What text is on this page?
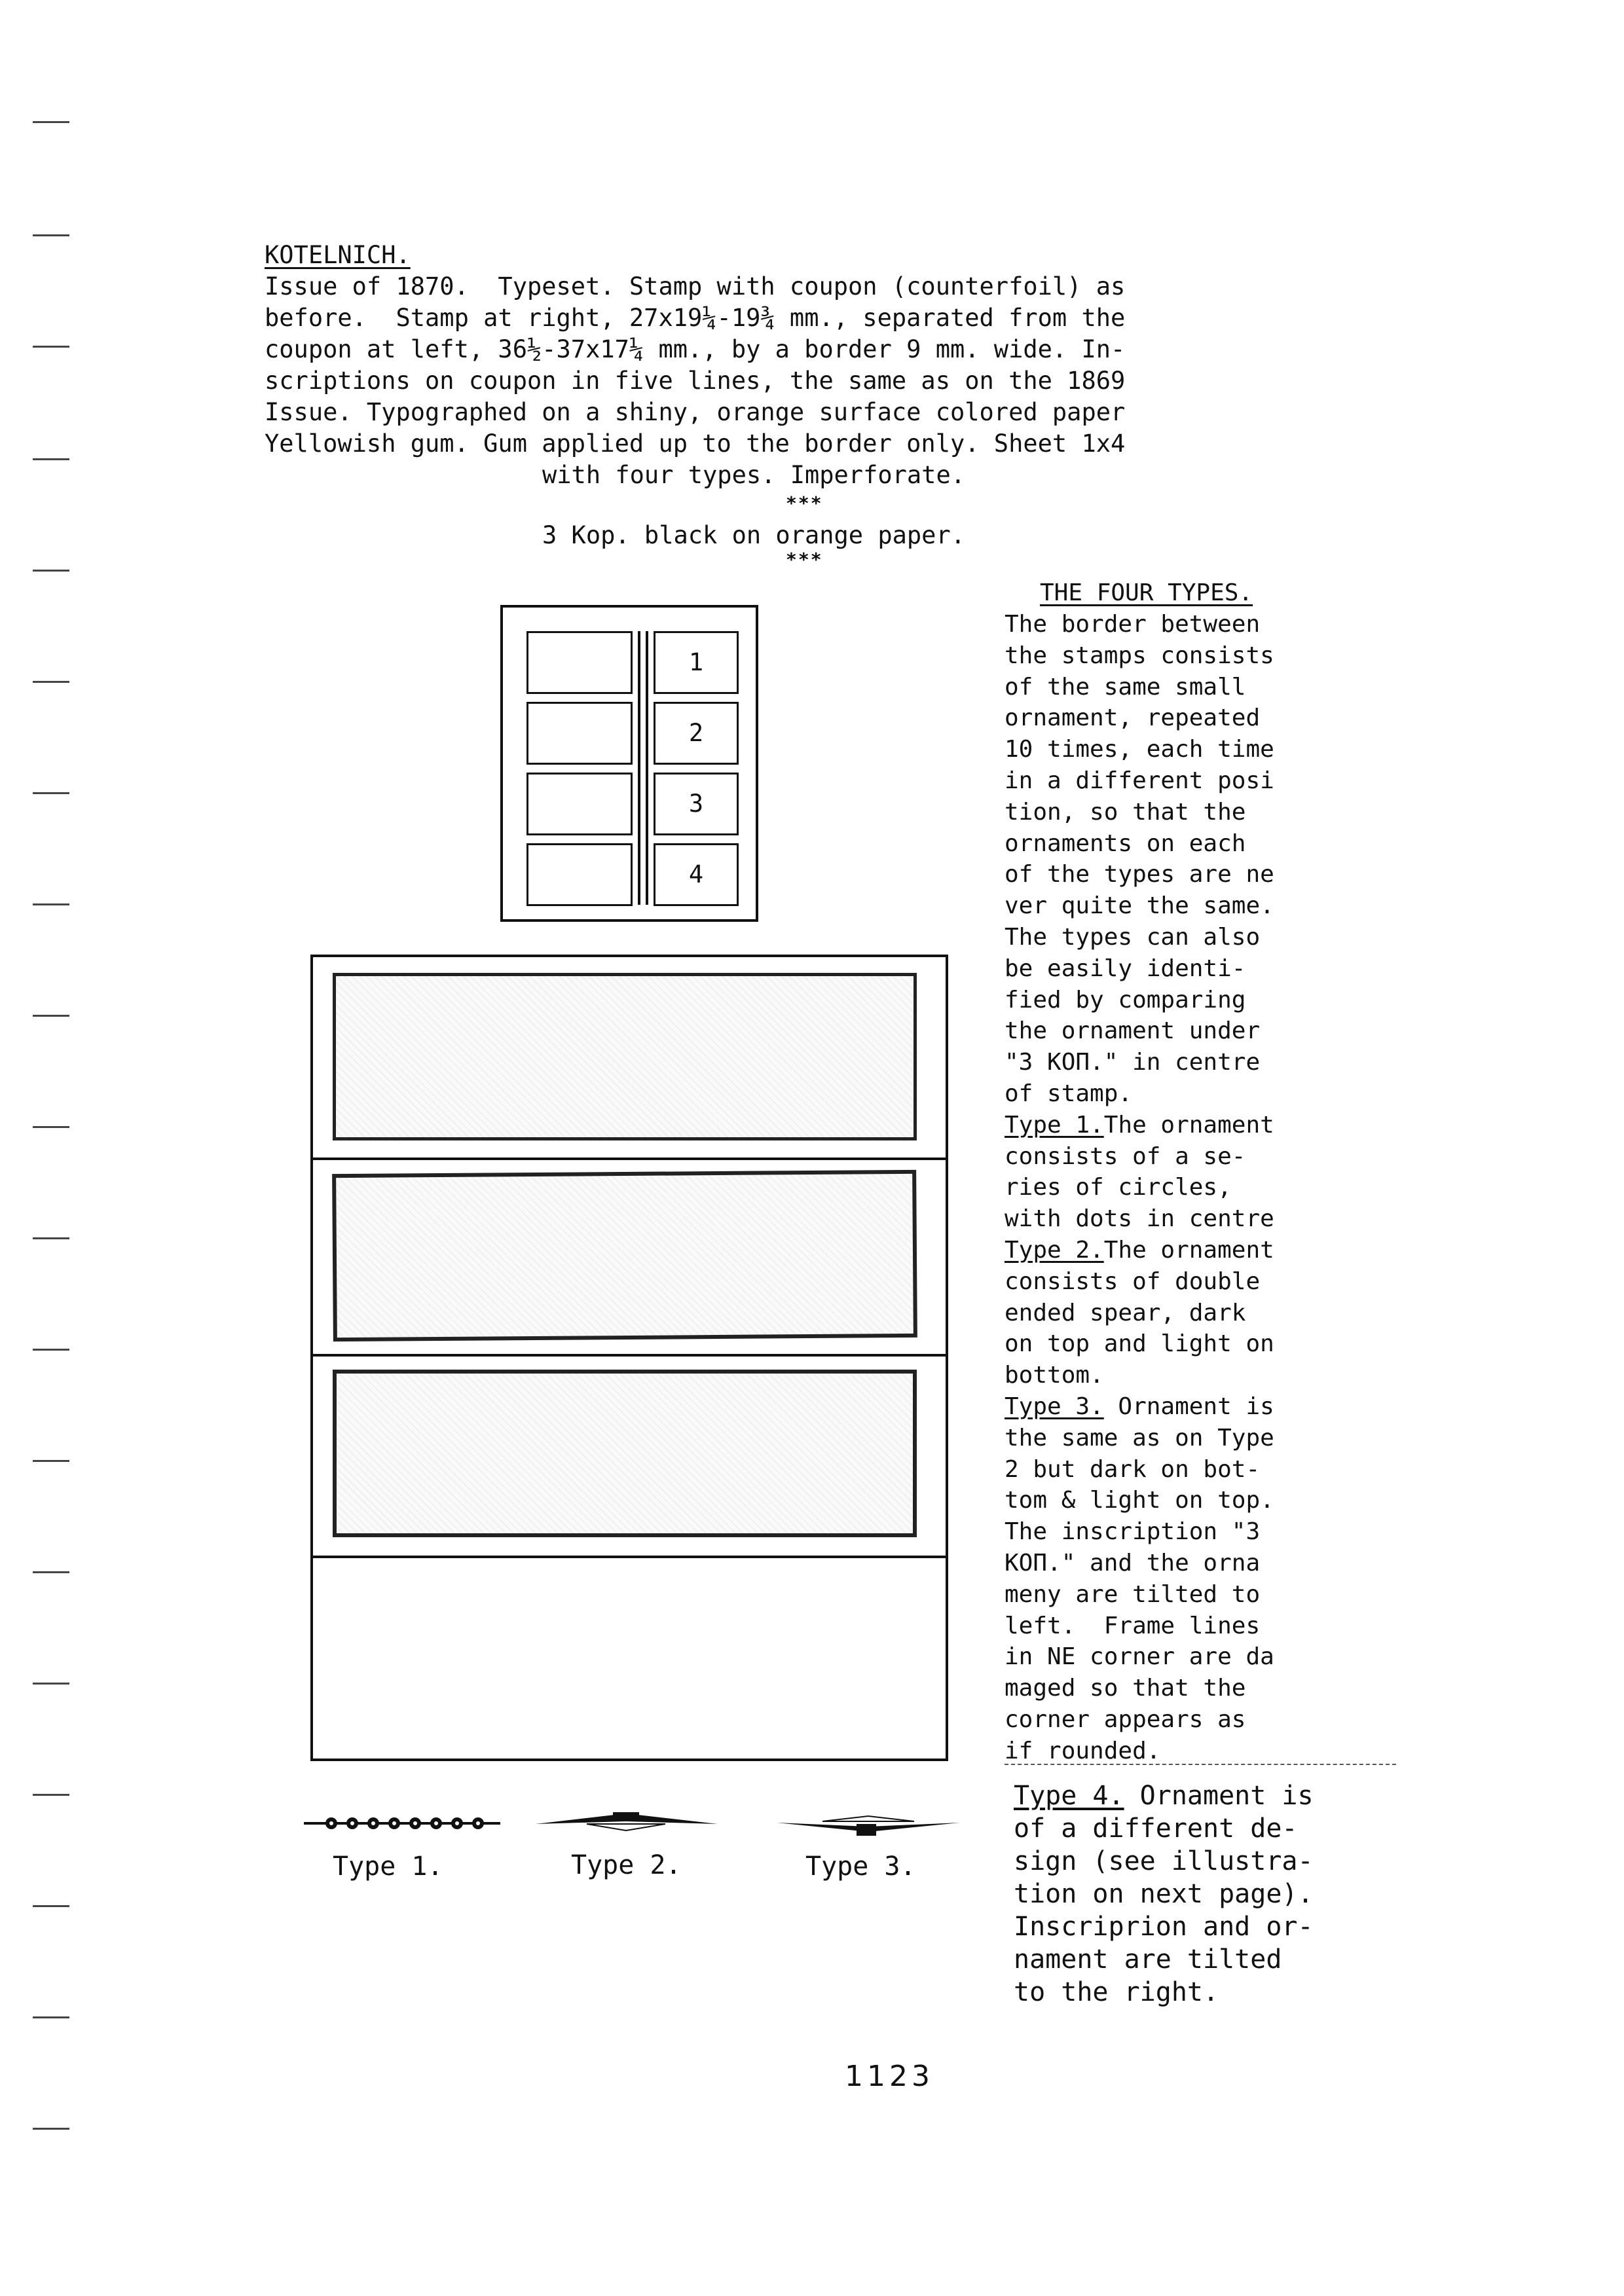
KOTELNICH.
Issue of 1870.  Typeset. Stamp with coupon (counterfoil) as
before.  Stamp at right, 27x19¼-19¾ mm., separated from the
coupon at left, 36½-37x17¼ mm., by a border 9 mm. wide. In-
scriptions on coupon in five lines, the same as on the 1869
Issue. Typographed on a shiny, orange surface colored paper
Yellowish gum. Gum applied up to the border only. Sheet 1x4
with four types. Imperforate.
***
3 Kop. black on orange paper.
***
1
2
3
4
Type 1.	Type 2.	Type 3.
THE FOUR TYPES.
The border between
the stamps consists
of the same small
ornament, repeated
10 times, each time
in a different posi
tion, so that the
ornaments on each
of the types are ne
ver quite the same.
The types can also
be easily identi-
fied by comparing
the ornament under
"3 КОП." in centre
of stamp.
Type 1.The ornament
consists of a se-
ries of circles,
with dots in centre
Type 2.The ornament
consists of double
ended spear, dark
on top and light on
bottom.
Type 3. Ornament is
the same as on Type
2 but dark on bot-
tom & light on top.
The inscription "3
КОП." and the orna
meny are tilted to
left.  Frame lines
in NE corner are da
maged so that the
corner appears as
if rounded.
Type 4. Ornament is
of a different de-
sign (see illustra-
tion on next page).
Inscriprion and or-
nament are tilted
to the right.
1123
